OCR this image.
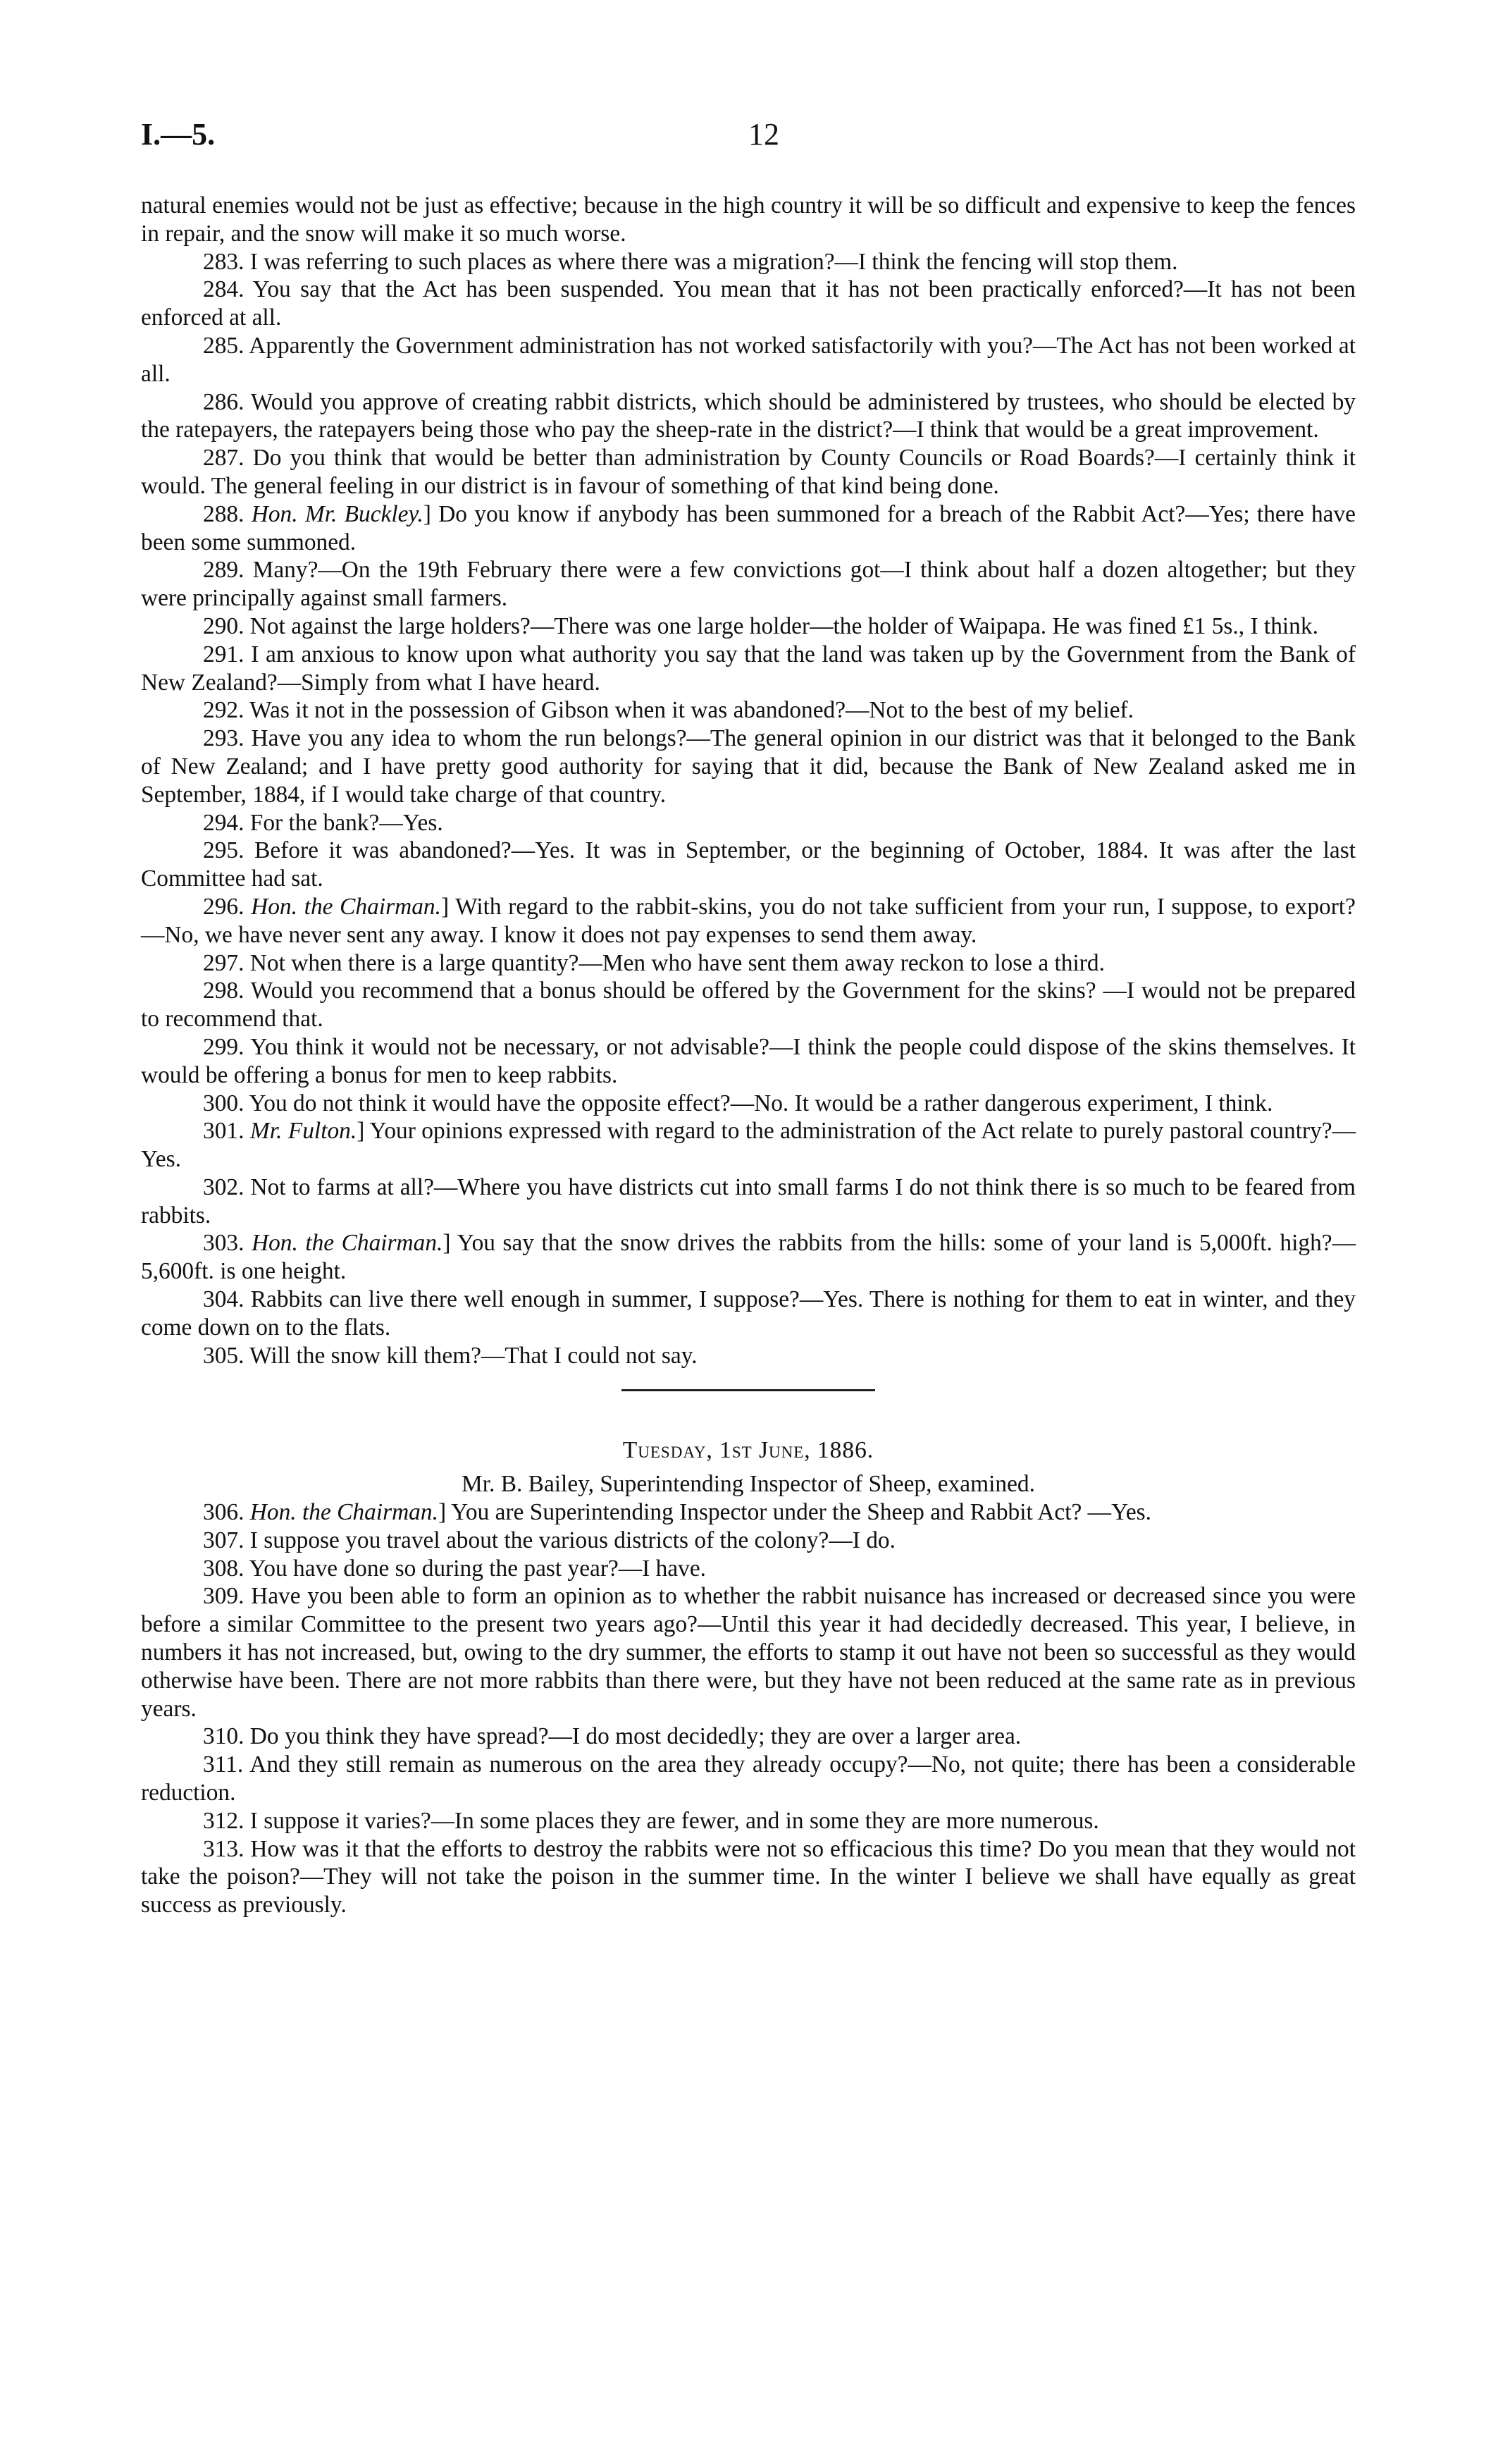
I.—5.	12

natural enemies would not be just as effective; because in the high country it will be so difficult and expensive to keep the fences in repair, and the snow will make it so much worse.

283. I was referring to such places as where there was a migration?—I think the fencing will stop them.

284. You say that the Act has been suspended. You mean that it has not been practically enforced?—It has not been enforced at all.

285. Apparently the Government administration has not worked satisfactorily with you?—The Act has not been worked at all.

286. Would you approve of creating rabbit districts, which should be administered by trustees, who should be elected by the ratepayers, the ratepayers being those who pay the sheep-rate in the district?—I think that would be a great improvement.

287. Do you think that would be better than administration by County Councils or Road Boards?—I certainly think it would. The general feeling in our district is in favour of something of that kind being done.

288. Hon. Mr. Buckley.] Do you know if anybody has been summoned for a breach of the Rabbit Act?—Yes; there have been some summoned.

289. Many?—On the 19th February there were a few convictions got—I think about half a dozen altogether; but they were principally against small farmers.

290. Not against the large holders?—There was one large holder—the holder of Waipapa. He was fined £1 5s., I think.

291. I am anxious to know upon what authority you say that the land was taken up by the Government from the Bank of New Zealand?—Simply from what I have heard.

292. Was it not in the possession of Gibson when it was abandoned?—Not to the best of my belief.

293. Have you any idea to whom the run belongs?—The general opinion in our district was that it belonged to the Bank of New Zealand; and I have pretty good authority for saying that it did, because the Bank of New Zealand asked me in September, 1884, if I would take charge of that country.

294. For the bank?—Yes.

295. Before it was abandoned?—Yes. It was in September, or the beginning of October, 1884. It was after the last Committee had sat.

296. Hon. the Chairman.] With regard to the rabbit-skins, you do not take sufficient from your run, I suppose, to export?—No, we have never sent any away. I know it does not pay expenses to send them away.

297. Not when there is a large quantity?—Men who have sent them away reckon to lose a third.

298. Would you recommend that a bonus should be offered by the Government for the skins? —I would not be prepared to recommend that.

299. You think it would not be necessary, or not advisable?—I think the people could dispose of the skins themselves. It would be offering a bonus for men to keep rabbits.

300. You do not think it would have the opposite effect?—No. It would be a rather dangerous experiment, I think.

301. Mr. Fulton.] Your opinions expressed with regard to the administration of the Act relate to purely pastoral country?—Yes.

302. Not to farms at all?—Where you have districts cut into small farms I do not think there is so much to be feared from rabbits.

303. Hon. the Chairman.] You say that the snow drives the rabbits from the hills: some of your land is 5,000ft. high?—5,600ft. is one height.

304. Rabbits can live there well enough in summer, I suppose?—Yes. There is nothing for them to eat in winter, and they come down on to the flats.

305. Will the snow kill them?—That I could not say.

Tuesday, 1st June, 1886.

Mr. B. Bailey, Superintending Inspector of Sheep, examined.

306. Hon. the Chairman.] You are Superintending Inspector under the Sheep and Rabbit Act? —Yes.

307. I suppose you travel about the various districts of the colony?—I do.

308. You have done so during the past year?—I have.

309. Have you been able to form an opinion as to whether the rabbit nuisance has increased or decreased since you were before a similar Committee to the present two years ago?—Until this year it had decidedly decreased. This year, I believe, in numbers it has not increased, but, owing to the dry summer, the efforts to stamp it out have not been so successful as they would otherwise have been. There are not more rabbits than there were, but they have not been reduced at the same rate as in previous years.

310. Do you think they have spread?—I do most decidedly; they are over a larger area.

311. And they still remain as numerous on the area they already occupy?—No, not quite; there has been a considerable reduction.

312. I suppose it varies?—In some places they are fewer, and in some they are more numerous.

313. How was it that the efforts to destroy the rabbits were not so efficacious this time? Do you mean that they would not take the poison?—They will not take the poison in the summer time. In the winter I believe we shall have equally as great success as previously.
